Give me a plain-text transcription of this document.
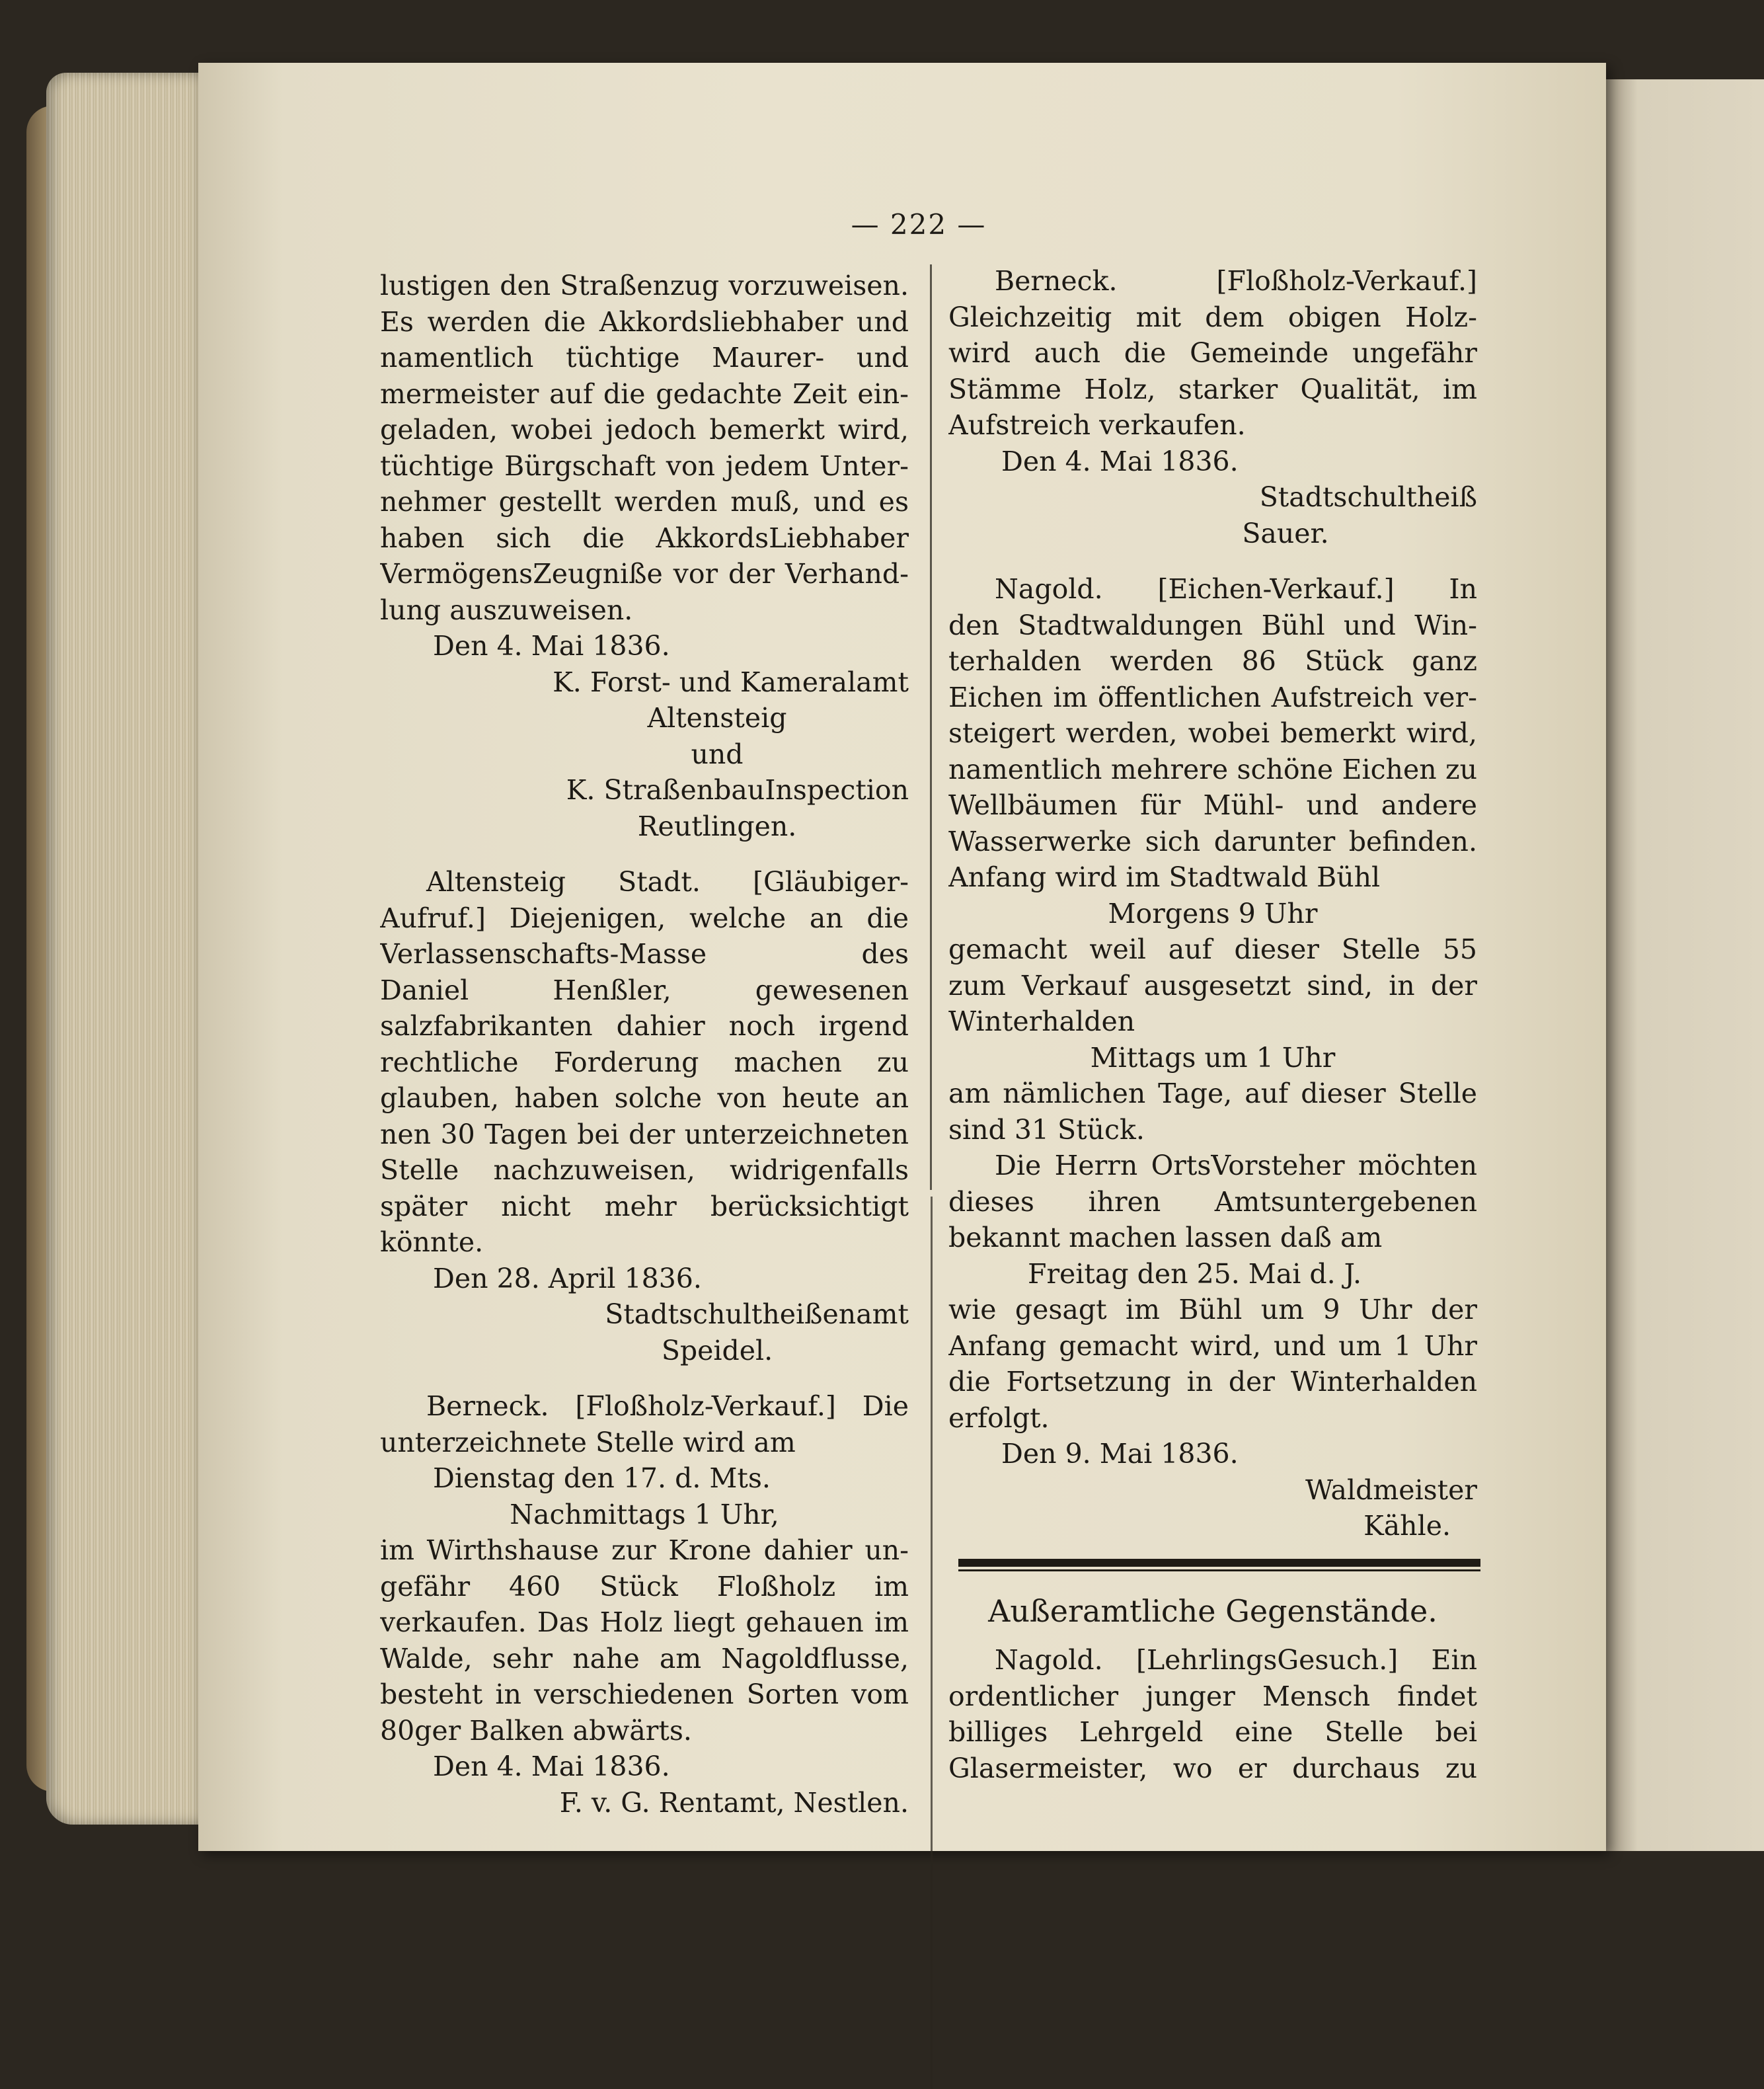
— 222 —
lustigen den Straßenzug vorzuweisen.
Es werden die Akkordsliebhaber und
namentlich tüchtige Maurer- und
mermeister auf die gedachte Zeit ein-
geladen, wobei jedoch bemerkt wird,
tüchtige Bürgschaft von jedem Unter-
nehmer gestellt werden muß, und es
haben sich die AkkordsLiebhaber
VermögensZeugniße vor der Verhand-
lung auszuweisen.
Den 4. Mai 1836.
K. Forst- und Kameralamt
Altensteig
und
K. StraßenbauInspection
Reutlingen.
Altensteig Stadt. [Gläubiger-
Aufruf.] Diejenigen, welche an die
Verlassenschafts-Masse des
Daniel Henßler, gewesenen
salzfabrikanten dahier noch irgend
rechtliche Forderung machen zu
glauben, haben solche von heute an
nen 30 Tagen bei der unterzeichneten
Stelle nachzuweisen, widrigenfalls
später nicht mehr berücksichtigt
könnte.
Den 28. April 1836.
Stadtschultheißenamt
Speidel.
Berneck. [Floßholz-Verkauf.] Die
unterzeichnete Stelle wird am
Dienstag den 17. d. Mts.
Nachmittags 1 Uhr,
im Wirthshause zur Krone dahier un-
gefähr 460 Stück Floßholz im
verkaufen. Das Holz liegt gehauen im
Walde, sehr nahe am Nagoldflusse,
besteht in verschiedenen Sorten vom
80ger Balken abwärts.
Den 4. Mai 1836.
F. v. G. Rentamt, Nestlen.
Berneck. [Floßholz-Verkauf.]
Gleichzeitig mit dem obigen Holz-
wird auch die Gemeinde ungefähr
Stämme Holz, starker Qualität, im
Aufstreich verkaufen.
Den 4. Mai 1836.
Stadtschultheiß
Sauer.
Nagold. [Eichen-Verkauf.] In
den Stadtwaldungen Bühl und Win-
terhalden werden 86 Stück ganz
Eichen im öffentlichen Aufstreich ver-
steigert werden, wobei bemerkt wird,
namentlich mehrere schöne Eichen zu
Wellbäumen für Mühl- und andere
Wasserwerke sich darunter befinden.
Anfang wird im Stadtwald Bühl
Morgens 9 Uhr
gemacht weil auf dieser Stelle 55
zum Verkauf ausgesetzt sind, in der
Winterhalden
Mittags um 1 Uhr
am nämlichen Tage, auf dieser Stelle
sind 31 Stück.
Die Herrn OrtsVorsteher möchten
dieses ihren Amtsuntergebenen
bekannt machen lassen daß am
Freitag den 25. Mai d. J.
wie gesagt im Bühl um 9 Uhr der
Anfang gemacht wird, und um 1 Uhr
die Fortsetzung in der Winterhalden
erfolgt.
Den 9. Mai 1836.
Waldmeister
Kähle.
Außeramtliche Gegenstände.
Nagold. [LehrlingsGesuch.] Ein
ordentlicher junger Mensch findet
billiges Lehrgeld eine Stelle bei
Glasermeister, wo er durchaus zu
